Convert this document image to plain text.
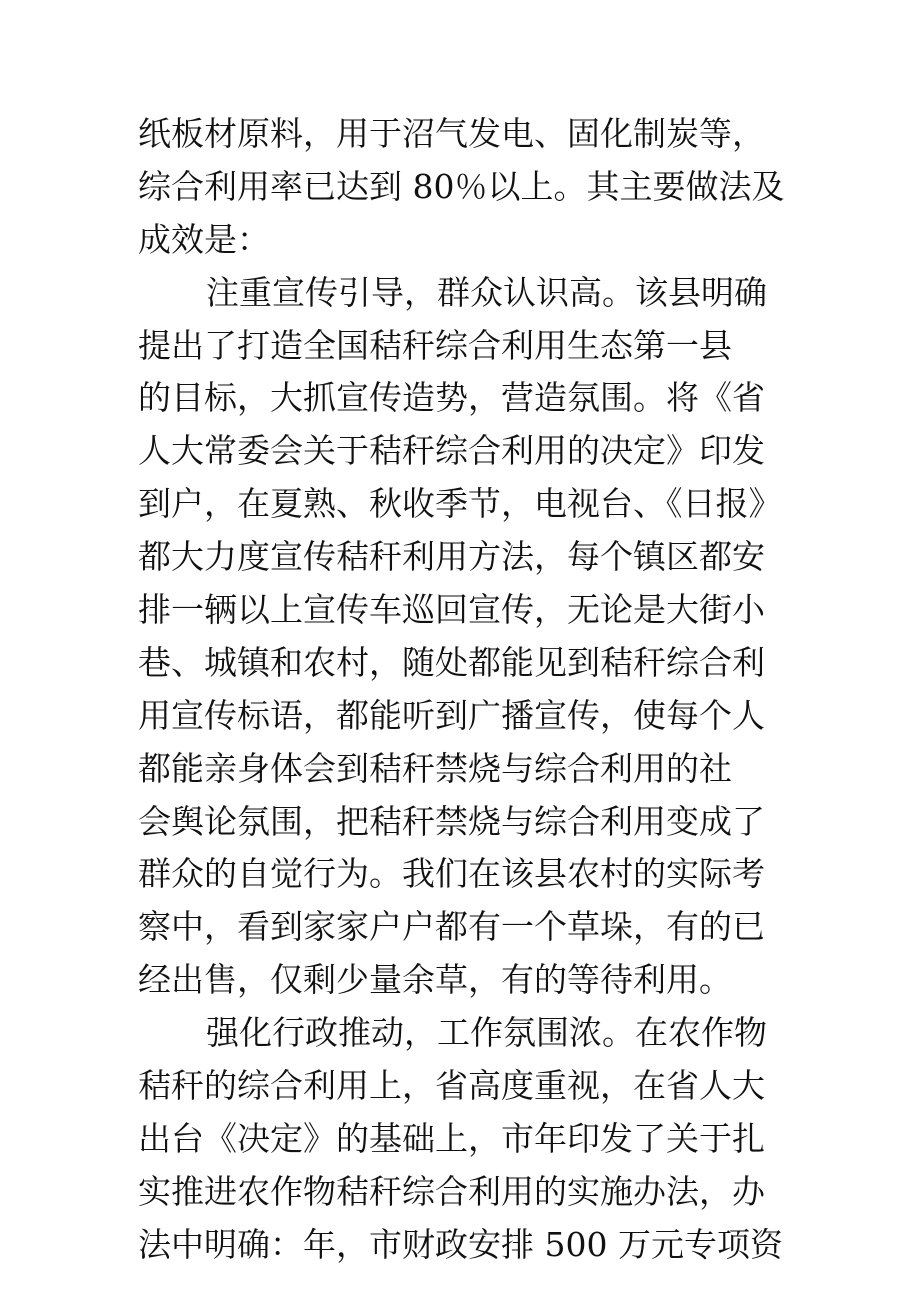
纸板材原料，用于沼气发电、固化制炭等，
综合利用率已达到 80％以上。其主要做法及
成效是：
注重宣传引导，群众认识高。该县明确
提出了打造全国秸秆综合利用生态第一县
的目标，大抓宣传造势，营造氛围。将《省
人大常委会关于秸秆综合利用的决定》印发
到户，在夏熟、秋收季节，电视台、《日报》
都大力度宣传秸秆利用方法，每个镇区都安
排一辆以上宣传车巡回宣传，无论是大街小
巷、城镇和农村，随处都能见到秸秆综合利
用宣传标语，都能听到广播宣传，使每个人
都能亲身体会到秸秆禁烧与综合利用的社
会舆论氛围，把秸秆禁烧与综合利用变成了
群众的自觉行为。我们在该县农村的实际考
察中，看到家家户户都有一个草垛，有的已
经出售，仅剩少量余草，有的等待利用。
强化行政推动，工作氛围浓。在农作物
秸秆的综合利用上，省高度重视，在省人大
出台《决定》的基础上，市年印发了关于扎
实推进农作物秸秆综合利用的实施办法，办
法中明确：年，市财政安排 500 万元专项资
